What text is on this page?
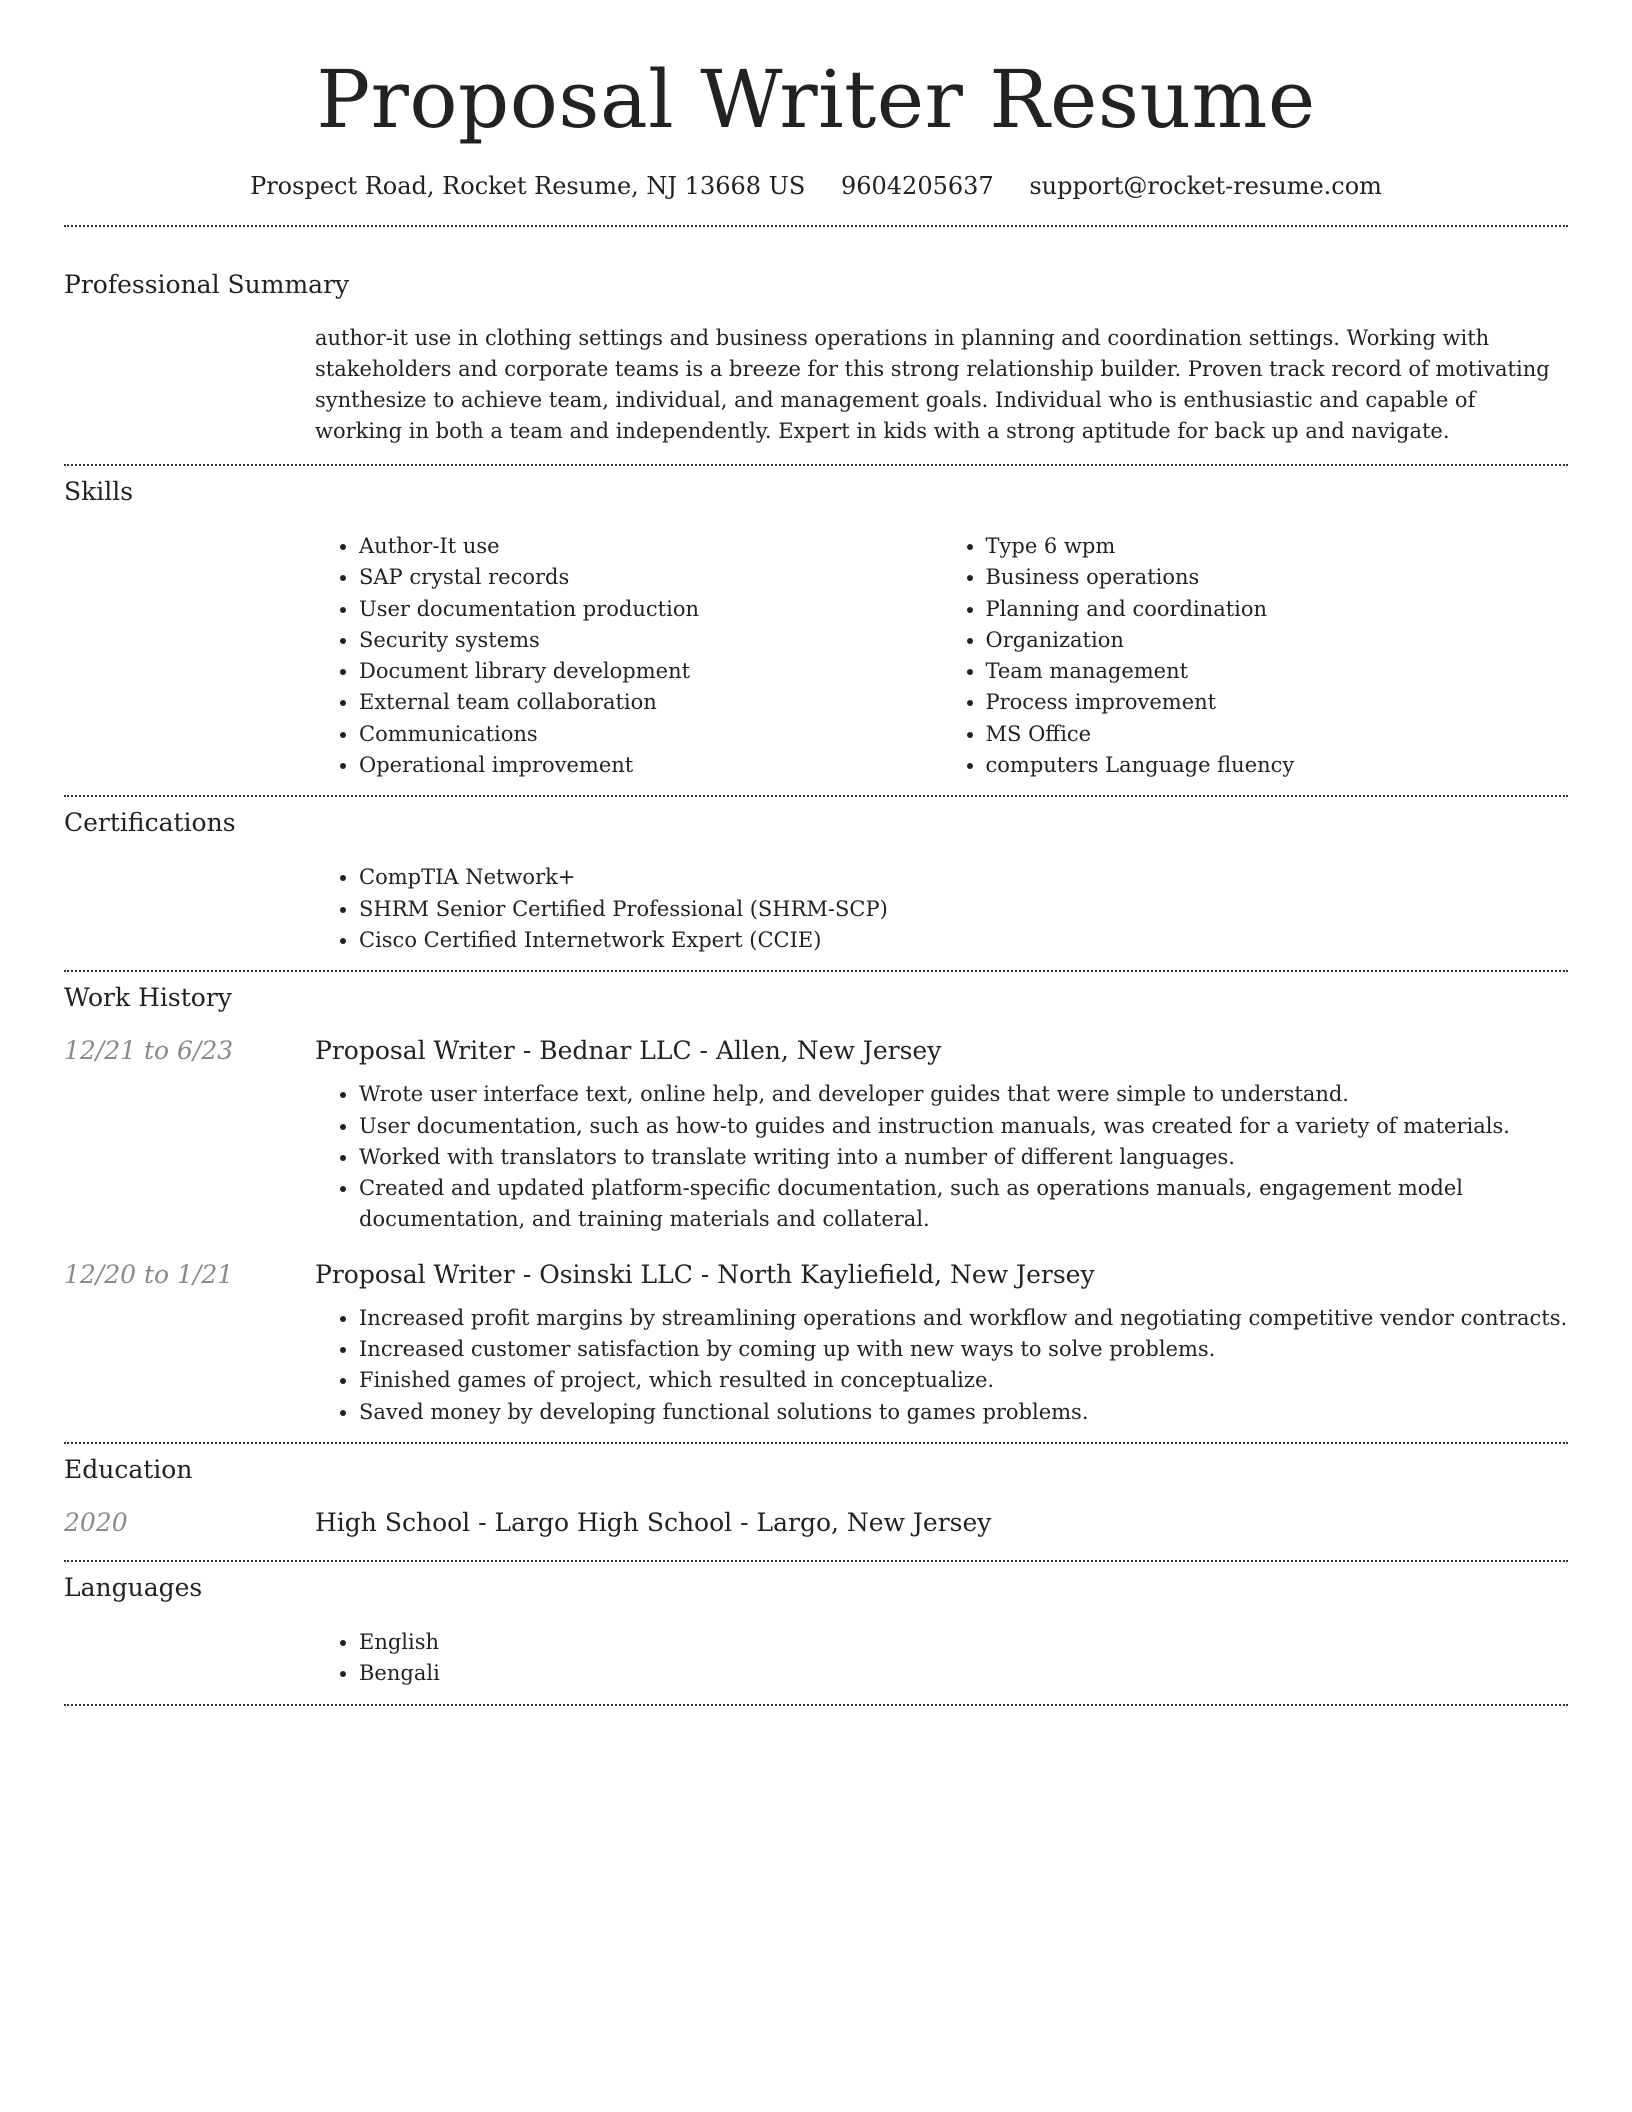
Proposal Writer Resume
Prospect Road, Rocket Resume, NJ 13668 US 9604205637 support@rocket-resume.com
Professional Summary

author-it use in clothing settings and business operations in planning and coordination settings. Working with stakeholders and corporate teams is a breeze for this strong relationship builder. Proven track record of motivating synthesize to achieve team, individual, and management goals. Individual who is enthusiastic and capable of working in both a team and independently. Expert in kids with a strong aptitude for back up and navigate.

Skills
• Author-It use
• SAP crystal records
• User documentation production
• Security systems
• Document library development
• External team collaboration
• Communications
• Operational improvement
• Type 6 wpm
• Business operations
• Planning and coordination
• Organization
• Team management
• Process improvement
• MS Office
• computers Language fluency
Certifications
• CompTIA Network+
• SHRM Senior Certified Professional (SHRM-SCP)
• Cisco Certified Internetwork Expert (CCIE)
Work History
12/21 to 6/23	Proposal Writer - Bednar LLC - Allen, New Jersey
• Wrote user interface text, online help, and developer guides that were simple to understand.
• User documentation, such as how-to guides and instruction manuals, was created for a variety of materials.
• Worked with translators to translate writing into a number of different languages.
• Created and updated platform-specific documentation, such as operations manuals, engagement model documentation, and training materials and collateral.
12/20 to 1/21	Proposal Writer - Osinski LLC - North Kayliefield, New Jersey
• Increased profit margins by streamlining operations and workflow and negotiating competitive vendor contracts.
• Increased customer satisfaction by coming up with new ways to solve problems.
• Finished games of project, which resulted in conceptualize.
• Saved money by developing functional solutions to games problems.
Education
2020	High School - Largo High School - Largo, New Jersey
Languages
• English
• Bengali
